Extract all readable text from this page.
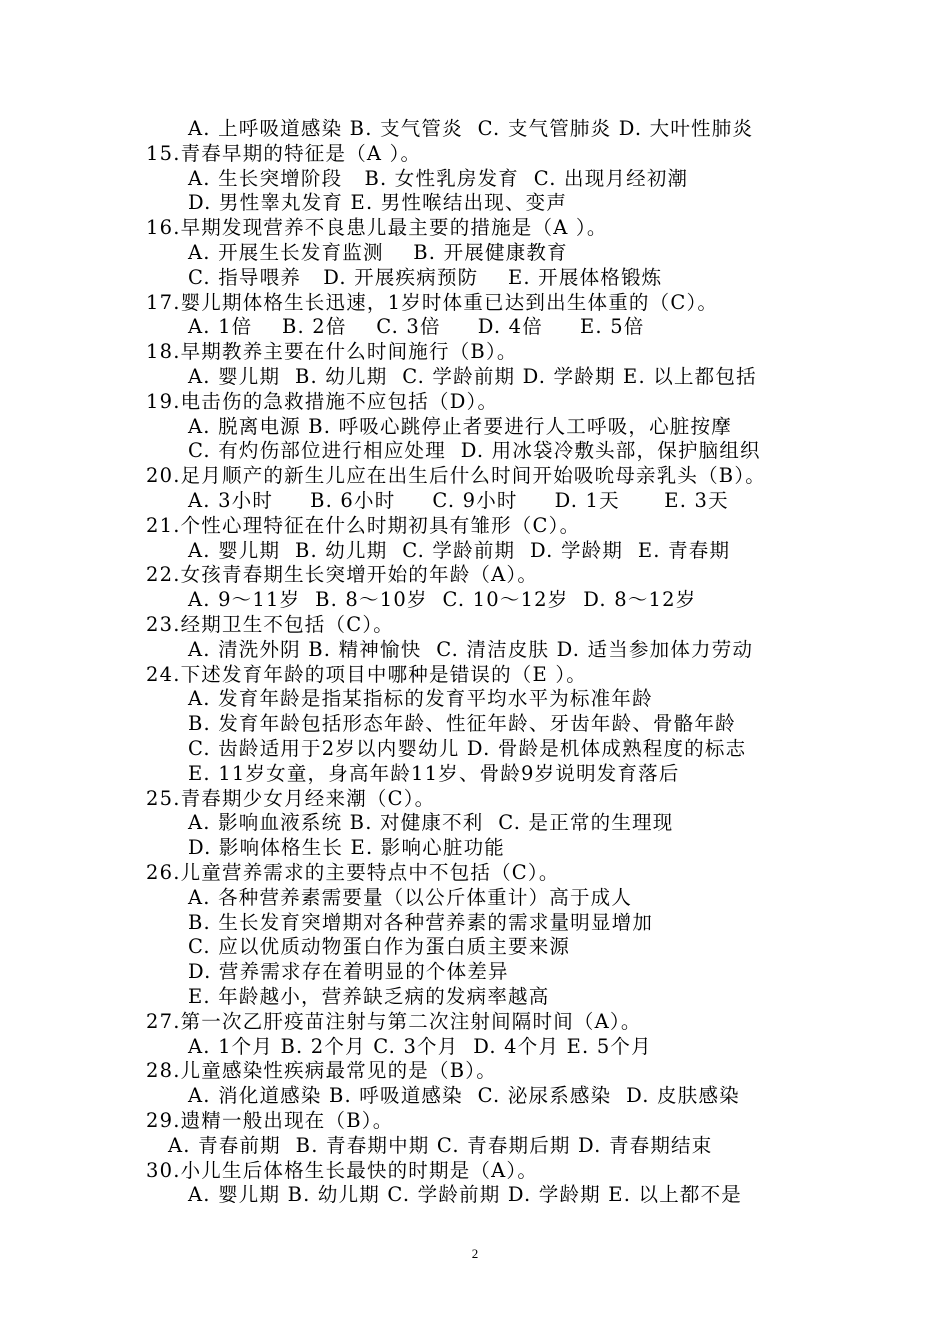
A. 上呼吸道感染 B. 支气管炎  C. 支气管肺炎 D. 大叶性肺炎
15.青春早期的特征是（A ）。
A. 生长突增阶段   B. 女性乳房发育  C. 出现月经初潮
D. 男性睾丸发育 E. 男性喉结出现、变声
16.早期发现营养不良患儿最主要的措施是（A ）。
A. 开展生长发育监测    B. 开展健康教育
C. 指导喂养   D. 开展疾病预防    E. 开展体格锻炼
17.婴儿期体格生长迅速，1岁时体重已达到出生体重的（C）。
A. 1倍    B. 2倍    C. 3倍     D. 4倍     E. 5倍
18.早期教养主要在什么时间施行（B）。
A. 婴儿期  B. 幼儿期  C. 学龄前期 D. 学龄期 E. 以上都包括
19.电击伤的急救措施不应包括（D）。
A. 脱离电源 B. 呼吸心跳停止者要进行人工呼吸，心脏按摩
C. 有灼伤部位进行相应处理  D. 用冰袋冷敷头部，保护脑组织
20.足月顺产的新生儿应在出生后什么时间开始吸吮母亲乳头（B）。
A. 3小时     B. 6小时     C. 9小时     D. 1天      E. 3天
21.个性心理特征在什么时期初具有雏形（C）。
A. 婴儿期  B. 幼儿期  C. 学龄前期  D. 学龄期  E. 青春期
22.女孩青春期生长突增开始的年龄（A）。
A. 9～11岁  B. 8～10岁  C. 10～12岁  D. 8～12岁
23.经期卫生不包括（C）。
A. 清洗外阴 B. 精神愉快  C. 清洁皮肤 D. 适当参加体力劳动
24.下述发育年龄的项目中哪种是错误的（E ）。
A. 发育年龄是指某指标的发育平均水平为标准年龄
B. 发育年龄包括形态年龄、性征年龄、牙齿年龄、骨骼年龄
C. 齿龄适用于2岁以内婴幼儿 D. 骨龄是机体成熟程度的标志
E. 11岁女童，身高年龄11岁、骨龄9岁说明发育落后
25.青春期少女月经来潮（C）。
A. 影响血液系统 B. 对健康不利  C. 是正常的生理现
D. 影响体格生长 E. 影响心脏功能
26.儿童营养需求的主要特点中不包括（C）。
A. 各种营养素需要量（以公斤体重计）高于成人
B. 生长发育突增期对各种营养素的需求量明显增加
C. 应以优质动物蛋白作为蛋白质主要来源
D. 营养需求存在着明显的个体差异
E. 年龄越小，营养缺乏病的发病率越高
27.第一次乙肝疫苗注射与第二次注射间隔时间（A）。
A. 1个月 B. 2个月 C. 3个月  D. 4个月 E. 5个月
28.儿童感染性疾病最常见的是（B）。
A. 消化道感染 B. 呼吸道感染  C. 泌尿系感染  D. 皮肤感染
29.遗精一般出现在（B）。
A. 青春前期  B. 青春期中期 C. 青春期后期 D. 青春期结束
30.小儿生后体格生长最快的时期是（A）。
A. 婴儿期 B. 幼儿期 C. 学龄前期 D. 学龄期 E. 以上都不是
2
